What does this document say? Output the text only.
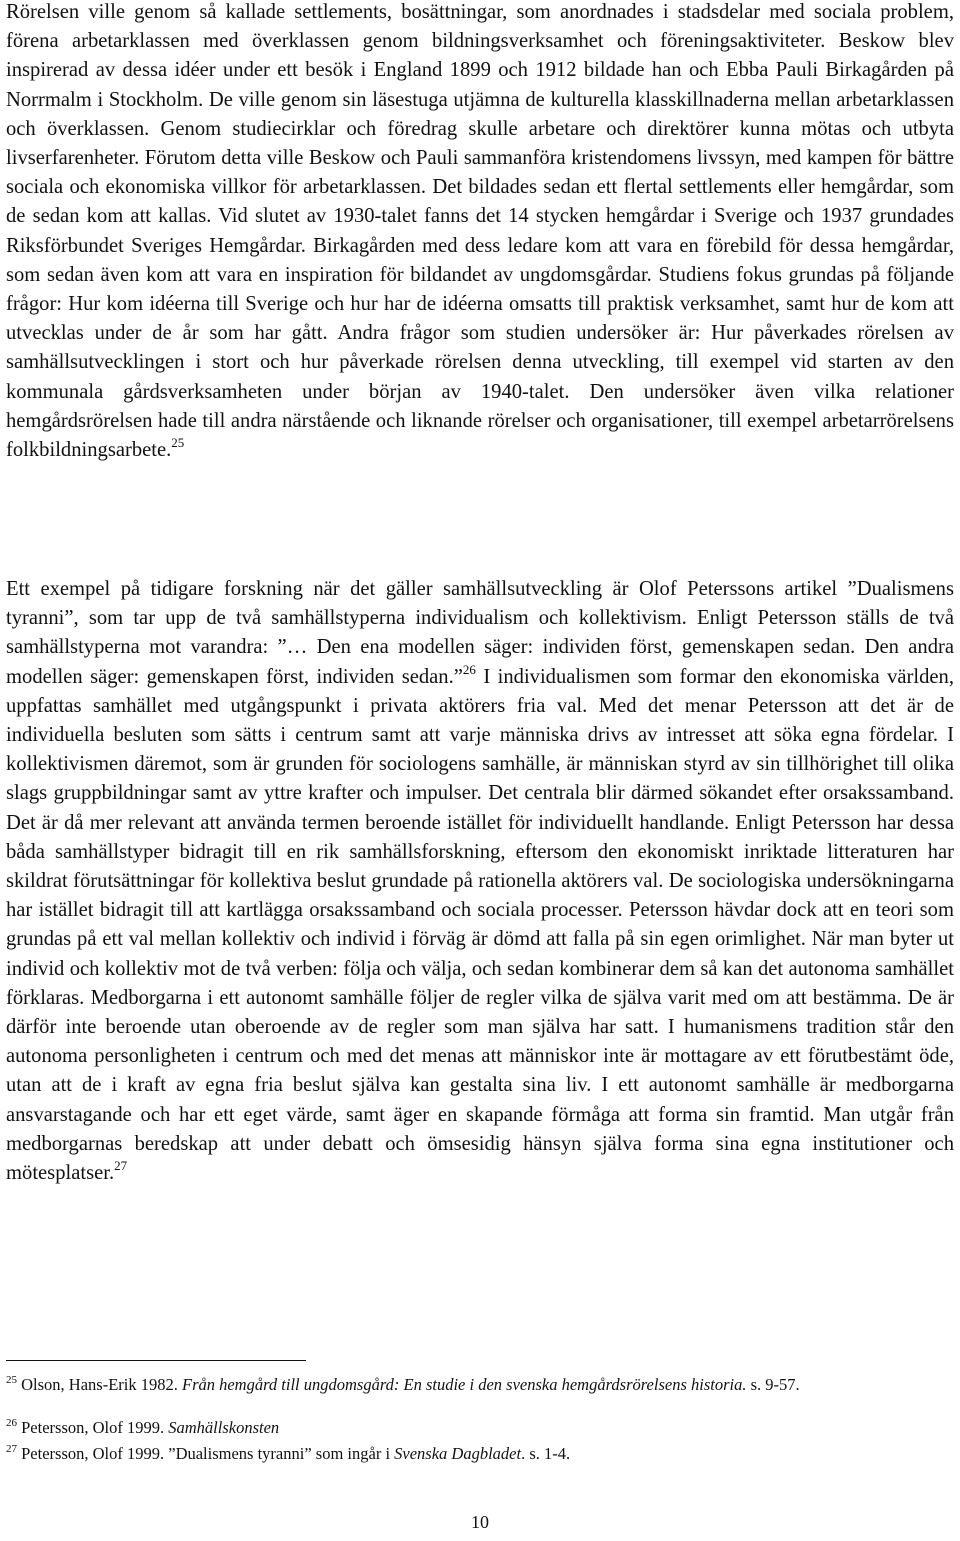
Rörelsen ville genom så kallade settlements, bosättningar, som anordnades i stadsdelar med sociala problem, förena arbetarklassen med överklassen genom bildningsverksamhet och föreningsaktiviteter. Beskow blev inspirerad av dessa idéer under ett besök i England 1899 och 1912 bildade han och Ebba Pauli Birkagården på Norrmalm i Stockholm. De ville genom sin läsestuga utjämna de kulturella klasskillnaderna mellan arbetarklassen och överklassen. Genom studiecirklar och föredrag skulle arbetare och direktörer kunna mötas och utbyta livserfarenheter. Förutom detta ville Beskow och Pauli sammanföra kristendomens livssyn, med kampen för bättre sociala och ekonomiska villkor för arbetarklassen. Det bildades sedan ett flertal settlements eller hemgårdar, som de sedan kom att kallas. Vid slutet av 1930-talet fanns det 14 stycken hemgårdar i Sverige och 1937 grundades Riksförbundet Sveriges Hemgårdar. Birkagården med dess ledare kom att vara en förebild för dessa hemgårdar, som sedan även kom att vara en inspiration för bildandet av ungdomsgårdar. Studiens fokus grundas på följande frågor: Hur kom idéerna till Sverige och hur har de idéerna omsatts till praktisk verksamhet, samt hur de kom att utvecklas under de år som har gått. Andra frågor som studien undersöker är: Hur påverkades rörelsen av samhällsutvecklingen i stort och hur påverkade rörelsen denna utveckling, till exempel vid starten av den kommunala gårdsverksamheten under början av 1940-talet. Den undersöker även vilka relationer hemgårdsrörelsen hade till andra närstående och liknande rörelser och organisationer, till exempel arbetarrörelsens folkbildningsarbete.$^{25}$

Ett exempel på tidigare forskning när det gäller samhällsutveckling är Olof Peterssons artikel ”Dualismens tyranni”, som tar upp de två samhällstyperna individualism och kollektivism. Enligt Petersson ställs de två samhällstyperna mot varandra: ”… Den ena modellen säger: individen först, gemenskapen sedan. Den andra modellen säger: gemenskapen först, individen sedan.”$^{26}$ I individualismen som formar den ekonomiska världen, uppfattas samhället med utgångspunkt i privata aktörers fria val. Med det menar Petersson att det är de individuella besluten som sätts i centrum samt att varje människa drivs av intresset att söka egna fördelar. I kollektivismen däremot, som är grunden för sociologens samhälle, är människan styrd av sin tillhörighet till olika slags gruppbildningar samt av yttre krafter och impulser. Det centrala blir därmed sökandet efter orsakssamband. Det är då mer relevant att använda termen beroende istället för individuellt handlande. Enligt Petersson har dessa båda samhällstyper bidragit till en rik samhällsforskning, eftersom den ekonomiskt inriktade litteraturen har skildrat förutsättningar för kollektiva beslut grundade på rationella aktörers val. De sociologiska undersökningarna har istället bidragit till att kartlägga orsakssamband och sociala processer. Petersson hävdar dock att en teori som grundas på ett val mellan kollektiv och individ i förväg är dömd att falla på sin egen orimlighet. När man byter ut individ och kollektiv mot de två verben: följa och välja, och sedan kombinerar dem så kan det autonoma samhället förklaras. Medborgarna i ett autonomt samhälle följer de regler vilka de själva varit med om att bestämma. De är därför inte beroende utan oberoende av de regler som man själva har satt. I humanismens tradition står den autonoma personligheten i centrum och med det menas att människor inte är mottagare av ett förutbestämt öde, utan att de i kraft av egna fria beslut själva kan gestalta sina liv. I ett autonomt samhälle är medborgarna ansvarstagande och har ett eget värde, samt äger en skapande förmåga att forma sin framtid. Man utgår från medborgarnas beredskap att under debatt och ömsesidig hänsyn själva forma sina egna institutioner och mötesplatser.$^{27}$

$^{25}$ Olson, Hans-Erik 1982. Från hemgård till ungdomsgård: En studie i den svenska hemgårdsrörelsens historia. s. 9-57.

$^{26}$ Petersson, Olof 1999. Samhällskonsten

$^{27}$ Petersson, Olof 1999. ”Dualismens tyranni” som ingår i Svenska Dagbladet. s. 1-4.

10
